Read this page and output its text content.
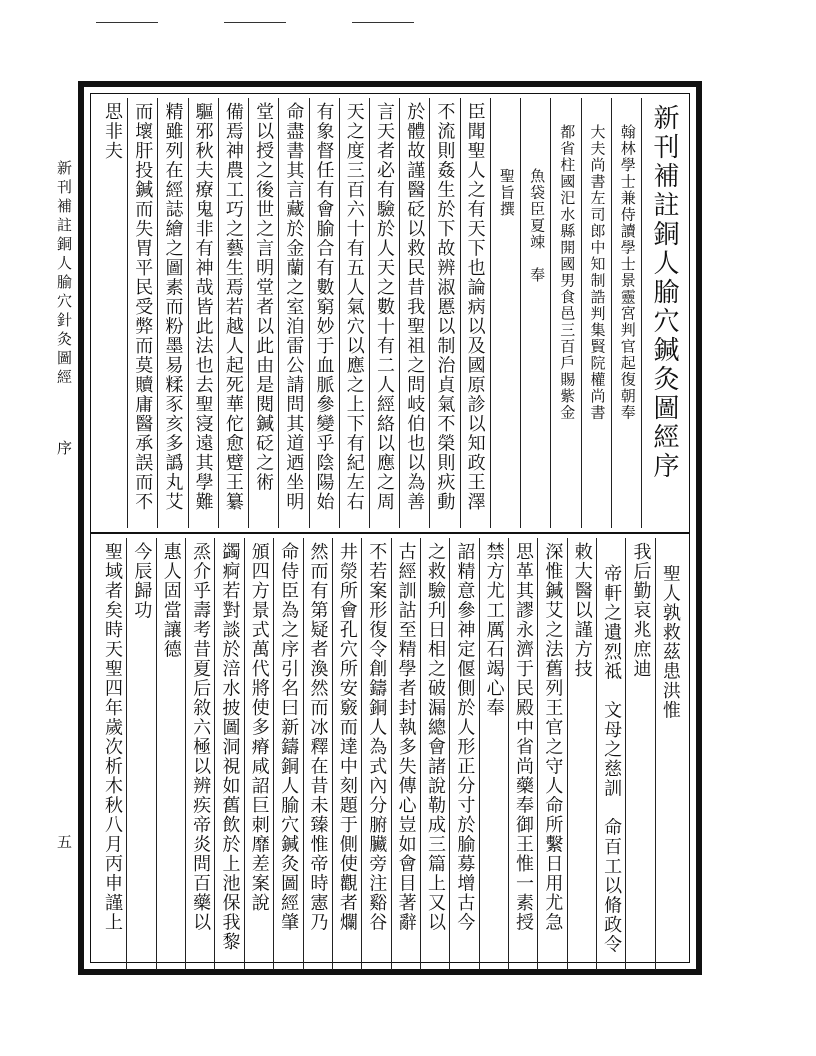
新刊補註銅人腧穴針灸圖經
序
五
新刊補註銅人腧穴鍼灸圖經序
翰林學士兼侍讀學士景靈宮判官起復朝奉
大夫尚書左司郎中知制誥判集賢院權尚書
都省柱國汜水縣開國男食邑三百戶賜紫金
魚袋臣夏竦　奉
聖旨撰
臣聞聖人之有天下也論病以及國原診以知政王澤
不流則姦生於下故辨淑慝以制治貞氣不榮則疢動
於體故謹醫砭以救民昔我聖祖之問岐伯也以為善
言天者必有驗於人天之數十有二人經絡以應之周
天之度三百六十有五人氣穴以應之上下有紀左右
有象督任有會腧合有數窮妙于血脈參變乎陰陽始
命盡書其言藏於金蘭之室洎雷公請問其道迺坐明
堂以授之後世之言明堂者以此由是閱鍼砭之術
備焉神農工巧之藝生焉若越人起死華佗愈躄王纂
驅邪秋夫療鬼非有神哉皆此法也去聖寖遠其學難
精雖列在經誌繪之圖素而粉墨易糅豕亥多譌丸艾
而壞肝投鍼而失胃平民受弊而莫贖庸醫承誤而不
思非夫
聖人孰救茲患洪惟
我后勤哀兆庶迪
帝軒之遺烈祗　文母之慈訓　命百工以脩政令
敕大醫以謹方技
深惟鍼艾之法舊列王官之守人命所繫日用尤急
思革其謬永濟于民殿中省尚藥奉御王惟一素授
禁方尤工厲石竭心奉
詔精意參神定偃側於人形正分寸於腧募增古今
之救驗刋日相之破漏總會諸說勒成三篇上又以
古經訓詁至精學者封執多失傳心豈如會目著辭
不若案形復令創鑄銅人為式內分腑臟旁注谿谷
井滎所會孔穴所安竅而達中刻題于側使觀者爛
然而有第疑者渙然而冰釋在昔未臻惟帝時憲乃
命侍臣為之序引名曰新鑄銅人腧穴鍼灸圖經肇
頒四方景式萬代將使多瘠咸詔巨刺靡差案說
蠲痾若對談於涪水披圖洞視如舊飲於上池保我黎
烝介乎壽考昔夏后敘六極以辨疾帝炎問百藥以
惠人固當讓德
今辰歸功
聖域者矣時天聖四年歲次析木秋八月丙申謹上
